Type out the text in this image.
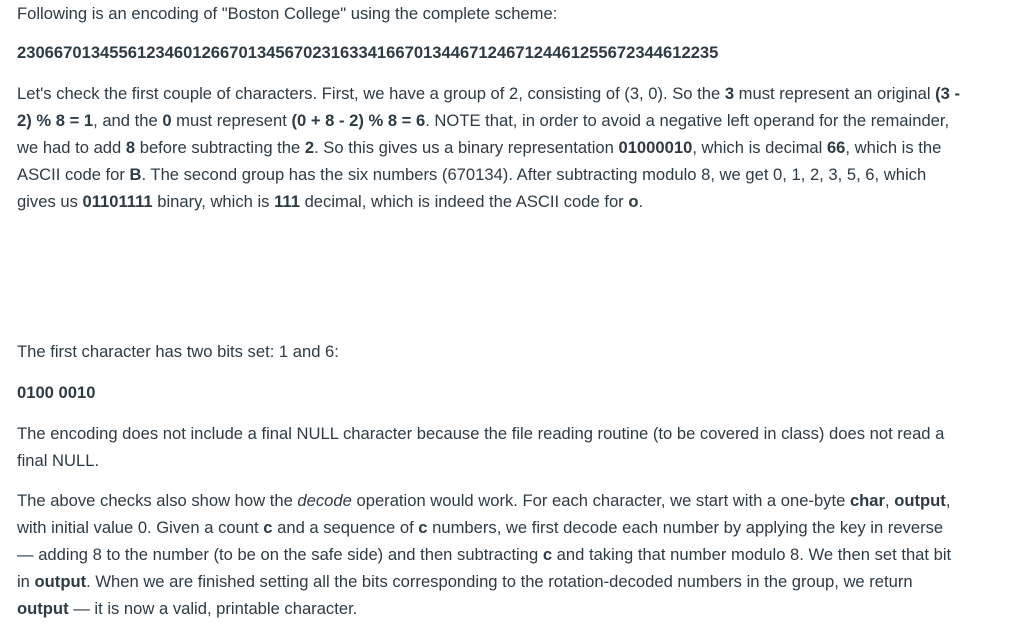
Following is an encoding of "Boston College" using the complete scheme:

2306670134556123460126670134567023163341667013446712467124461255672344612235

Let's check the first couple of characters. First, we have a group of 2, consisting of (3, 0). So the 3 must represent an original (3 - 2) % 8 = 1, and the 0 must represent (0 + 8 - 2) % 8 = 6. NOTE that, in order to avoid a negative left operand for the remainder, we had to add 8 before subtracting the 2. So this gives us a binary representation 01000010, which is decimal 66, which is the ASCII code for B. The second group has the six numbers (670134). After subtracting modulo 8, we get 0, 1, 2, 3, 5, 6, which gives us 01101111 binary, which is 111 decimal, which is indeed the ASCII code for o.

The first character has two bits set: 1 and 6:

0100 0010

The encoding does not include a final NULL character because the file reading routine (to be covered in class) does not read a final NULL.

The above checks also show how the decode operation would work. For each character, we start with a one-byte char, output, with initial value 0. Given a count c and a sequence of c numbers, we first decode each number by applying the key in reverse — adding 8 to the number (to be on the safe side) and then subtracting c and taking that number modulo 8. We then set that bit in output. When we are finished setting all the bits corresponding to the rotation-decoded numbers in the group, we return output — it is now a valid, printable character.
